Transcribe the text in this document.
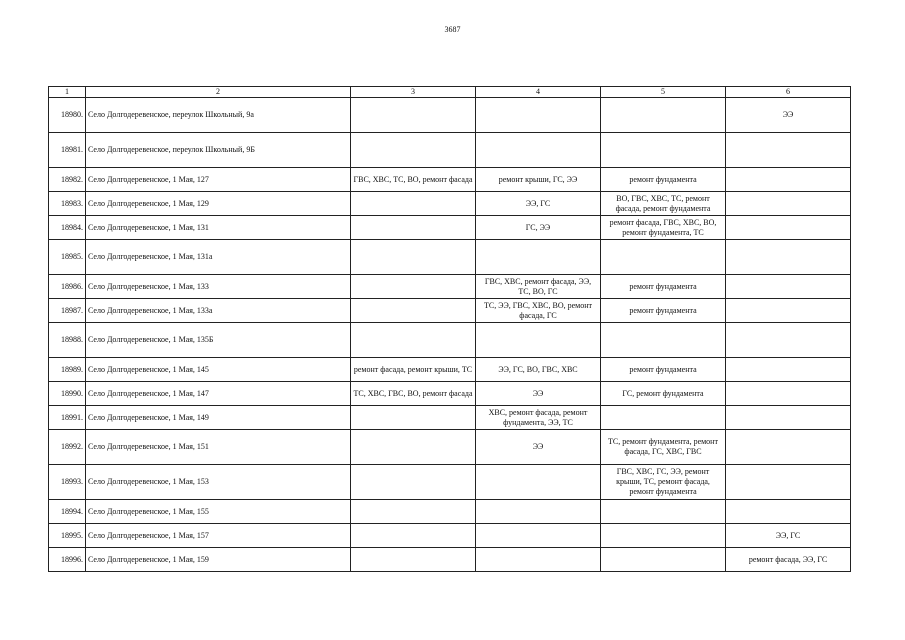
3687
1	2	3	4	5	6
18980.	Село Долгодеревенское, переулок Школьный, 9а				ЭЭ
18981.	Село Долгодеревенское, переулок Школьный, 9Б				
18982.	Село Долгодеревенское, 1 Мая, 127	ГВС, ХВС, ТС, ВО, ремонт фасада	ремонт крыши, ГС, ЭЭ	ремонт фундамента	
18983.	Село Долгодеревенское, 1 Мая, 129		ЭЭ, ГС	ВО, ГВС, ХВС, ТС, ремонт фасада, ремонт фундамента	
18984.	Село Долгодеревенское, 1 Мая, 131		ГС, ЭЭ	ремонт фасада, ГВС, ХВС, ВО, ремонт фундамента, ТС	
18985.	Село Долгодеревенское, 1 Мая, 131а				
18986.	Село Долгодеревенское, 1 Мая, 133		ГВС, ХВС, ремонт фасада, ЭЭ, ТС, ВО, ГС	ремонт фундамента	
18987.	Село Долгодеревенское, 1 Мая, 133а		ТС, ЭЭ, ГВС, ХВС, ВО, ремонт фасада, ГС	ремонт фундамента	
18988.	Село Долгодеревенское, 1 Мая, 135Б				
18989.	Село Долгодеревенское, 1 Мая, 145	ремонт фасада, ремонт крыши, ТС	ЭЭ, ГС, ВО, ГВС, ХВС	ремонт фундамента	
18990.	Село Долгодеревенское, 1 Мая, 147	ТС, ХВС, ГВС, ВО, ремонт фасада	ЭЭ	ГС, ремонт фундамента	
18991.	Село Долгодеревенское, 1 Мая, 149		ХВС, ремонт фасада, ремонт фундамента, ЭЭ, ТС		
18992.	Село Долгодеревенское, 1 Мая, 151		ЭЭ	ТС, ремонт фундамента, ремонт фасада, ГС, ХВС, ГВС	
18993.	Село Долгодеревенское, 1 Мая, 153			ГВС, ХВС, ГС, ЭЭ, ремонт крыши, ТС, ремонт фасада, ремонт фундамента	
18994.	Село Долгодеревенское, 1 Мая, 155				
18995.	Село Долгодеревенское, 1 Мая, 157				ЭЭ, ГС
18996.	Село Долгодеревенское, 1 Мая, 159				ремонт фасада, ЭЭ, ГС
